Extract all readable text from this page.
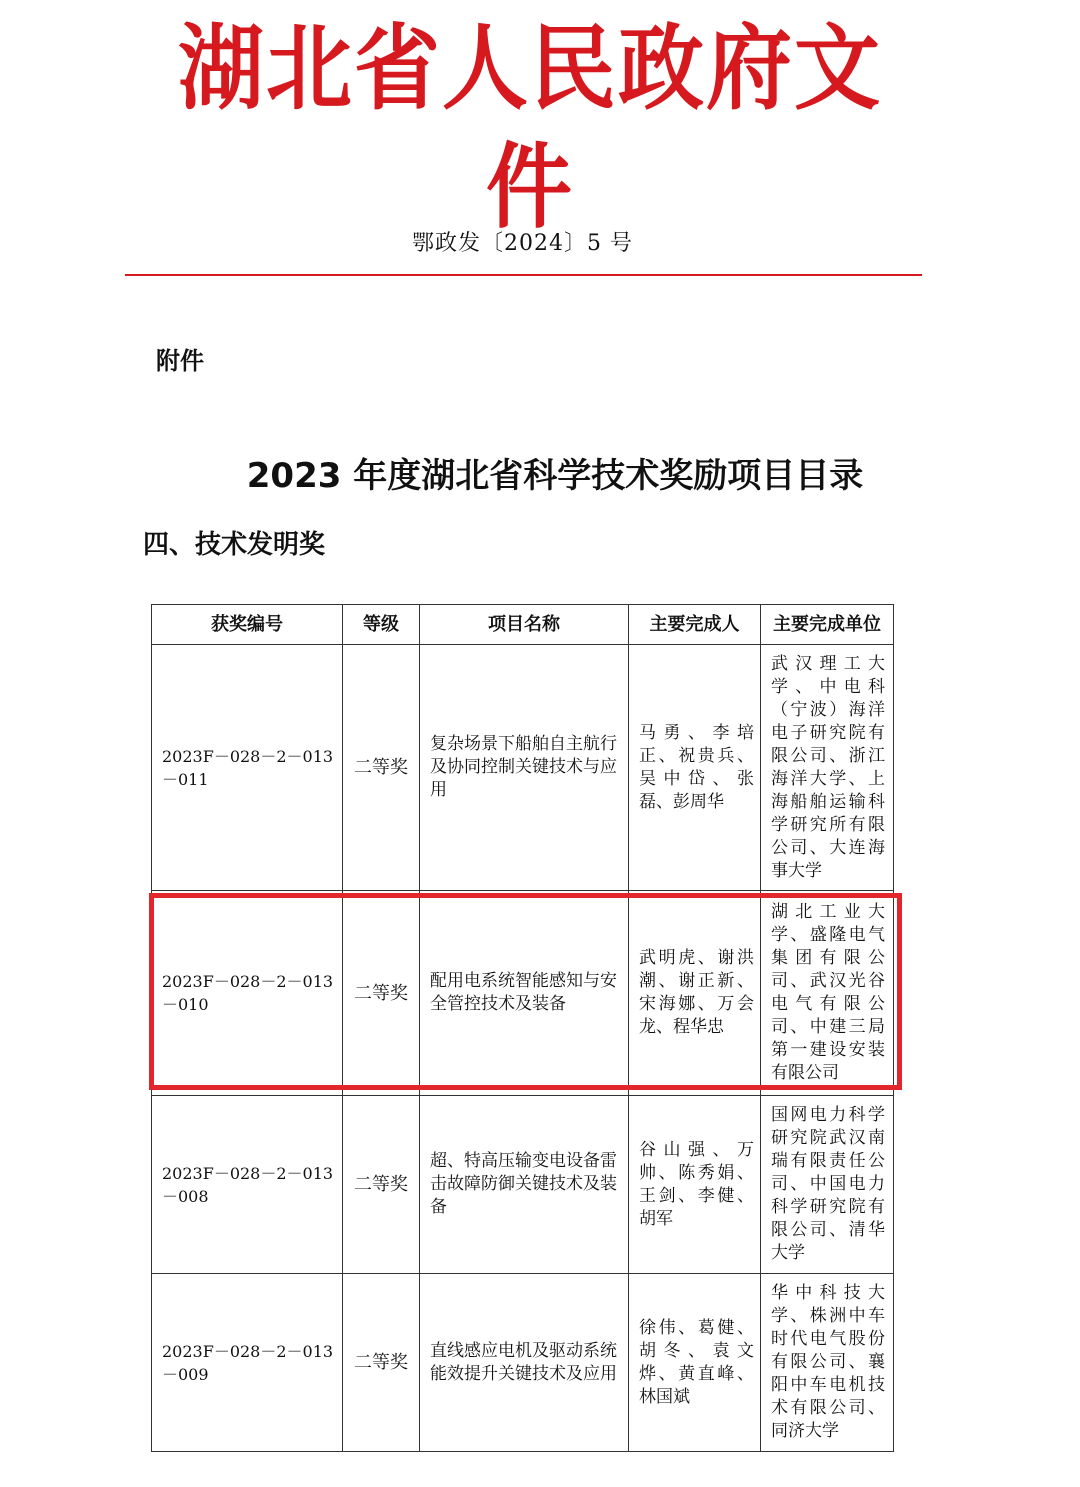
湖北省人民政府文件
鄂政发〔2024〕5 号
附件
2023 年度湖北省科学技术奖励项目目录
四、技术发明奖
获奖编号	等级	项目名称	主要完成人	主要完成单位
2023F－028－2－013－011	二等奖	复杂场景下船舶自主航行及协同控制关键技术与应用	马勇、李培正、祝贵兵、吴中岱、张磊、彭周华	武汉理工大学、中电科（宁波）海洋电子研究院有限公司、浙江海洋大学、上海船舶运输科学研究所有限公司、大连海事大学
2023F－028－2－013－010	二等奖	配用电系统智能感知与安全管控技术及装备	武明虎、谢洪潮、谢正新、宋海娜、万会龙、程华忠	湖北工业大学、盛隆电气集团有限公司、武汉光谷电气有限公司、中建三局第一建设安装有限公司
2023F－028－2－013－008	二等奖	超、特高压输变电设备雷击故障防御关键技术及装备	谷山强、万帅、陈秀娟、王剑、李健、胡军	国网电力科学研究院武汉南瑞有限责任公司、中国电力科学研究院有限公司、清华大学
2023F－028－2－013－009	二等奖	直线感应电机及驱动系统能效提升关键技术及应用	徐伟、葛健、胡冬、袁文烨、黄直峰、林国斌	华中科技大学、株洲中车时代电气股份有限公司、襄阳中车电机技术有限公司、同济大学
